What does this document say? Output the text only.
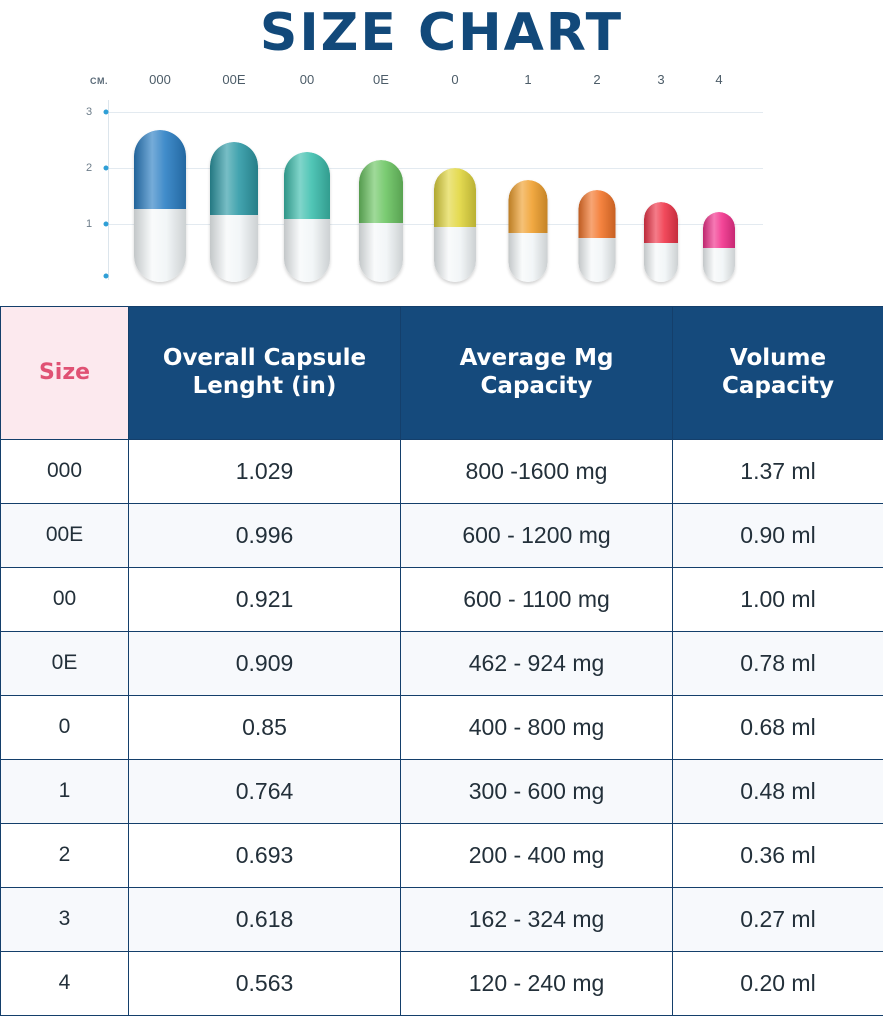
SIZE CHART
CM.	000	00E	00	0E	0	1	2	3	4
3
2
1
Size	Overall Capsule Lenght (in)	Average Mg Capacity	Volume Capacity
000	1.029	800 -1600 mg	1.37 ml
00E	0.996	600 - 1200 mg	0.90 ml
00	0.921	600 - 1100 mg	1.00 ml
0E	0.909	462 - 924 mg	0.78 ml
0	0.85	400 - 800 mg	0.68 ml
1	0.764	300 - 600 mg	0.48 ml
2	0.693	200 - 400 mg	0.36 ml
3	0.618	162 - 324 mg	0.27 ml
4	0.563	120 - 240 mg	0.20 ml
